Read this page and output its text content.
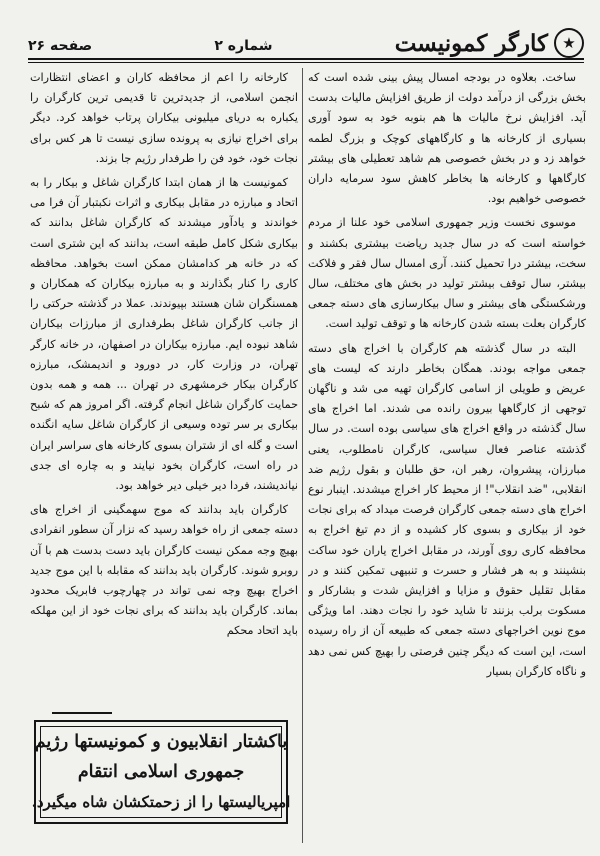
★
کارگر کمونیست
شماره ۲
صفحه ۲۶

ساخت. بعلاوه در بودجه امسال پیش بینی شده است که بخش بزرگی از درآمد دولت از طریق افزایش مالیات بدست آید. افزایش نرخ مالیات ها هم بنوبه خود به سود آوری بسیاری از کارخانه ها و کارگاههای کوچک و بزرگ لطمه خواهد زد و در بخش خصوصی هم شاهد تعطیلی های بیشتر کارگاهها و کارخانه ها بخاطر کاهش سود سرمایه داران خصوصی خواهیم بود.

موسوی نخست وزیر جمهوری اسلامی خود علنا از مردم خواسته است که در سال جدید رياضت بیشتری بکشند و سخت، بیشتر درا تحمیل کنند. آری امسال سال فقر و فلاکت بیشتر، سال توقف بیشتر تولید در بخش های مختلف، سال ورشکستگی های بیشتر و سال بیکارسازی های دسته جمعی کارگران بعلت بسته شدن کارخانه ها و توقف تولید است.

البته در سال گذشته هم کارگران با اخراج های دسته جمعی مواجه بودند. همگان بخاطر دارند که لیست های عریض و طویلی از اسامی کارگران تهیه می شد و ناگهان توجهی از کارگاهها بیرون رانده می شدند. اما اخراج های سال گذشته در واقع اخراج های سیاسی بوده است. در سال گذشته عناصر فعال سیاسی، کارگران نامطلوب، یعنی مبارزان، پیشروان، رهبر ان، حق طلبان و بقول رژیم ضد انقلابی، "ضد انقلاب"! از محیط کار اخراج میشدند. اینبار نوع اخراج های دسته جمعی کارگران فرصت میداد که برای نجات خود از بیکاری و بسوی کار کشیده و از دم تیغ اخراج به محافظه کاری روی آورند، در مقابل اخراج یاران خود ساکت بنشینند و به هر فشار و حسرت و تنبیهی تمکین کنند و در مقابل تقلیل حقوق و مزایا و افزایش شدت و بشارکار و مسکوت برلب بزنند تا شاید خود را نجات دهند. اما ویژگی موج نوین اخراجهای دسته جمعی که طبیعه آن از راه رسیده است، این است که دیگر چنین فرصتی را بهیچ کس نمی دهد و ناگاه کارگران بسیار

کارخانه را اعم از محافظه کاران و اعضای انتظارات انجمن اسلامی، از جدیدترین تا قدیمی ترین کارگران را یکباره به دریای میلیونی بیکاران پرتاب خواهد کرد. دیگر برای اخراج نیازی به پرونده سازی نیست تا هر کس برای نجات خود، خود فن را طرفدار رژیم جا بزند.

کمونیست ها از همان ابتدا کارگران شاغل و بیکار را به اتحاد و مبارزه در مقابل بیکاری و اثرات نکبتبار آن فرا می خواندند و یادآور میشدند که کارگران شاغل بدانند که بیکاری شکل کامل طبقه است، بدانند که این شتری است که در خانه هر کدامشان ممکن است بخواهد. محافظه کاری را کنار بگذارند و به مبارزه بیکاران که همکاران و همسنگران شان هستند بپیوندند. عملا در گذشته حرکتی را از جانب کارگران شاغل بطرفداری از مبارزات بیکاران شاهد نبوده ایم. مبارزه بیکاران در اصفهان، در خانه کارگر تهران، در وزارت کار، در دورود و اندیمشک، مبارزه کارگران بیکار خرمشهری در تهران ... همه و همه بدون حمایت کارگران شاغل انجام گرفته. اگر امروز هم که شبح بیکاری بر سر توده وسیعی از کارگران شاغل سایه انگنده است و گله ای از شتران بسوی کارخانه های سراسر ایران در راه است، کارگران بخود نیایند و به چاره ای جدی نیاندیشند، فردا دیر خیلی دیر خواهد بود.

کارگران باید بدانند که موج سهمگینی از اخراج های دسته جمعی از راه خواهد رسید که نزار آن سطور انفرادی بهیچ وجه ممکن نیست کارگران باید دست بدست هم با آن روبرو شوند. کارگران باید بدانند که مقابله با این موج جدید اخراج بهیچ وجه نمی تواند در چهارچوب فابریک محدود بماند. کارگران باید بدانند که برای نجات خود از این مهلکه باید اتحاد محکم

باکشتار انقلابیون و کمونیستها رژیم
جمهوری اسلامی انتقام
امپریالیستها را از زحمتکشان شاه میگیرد.
